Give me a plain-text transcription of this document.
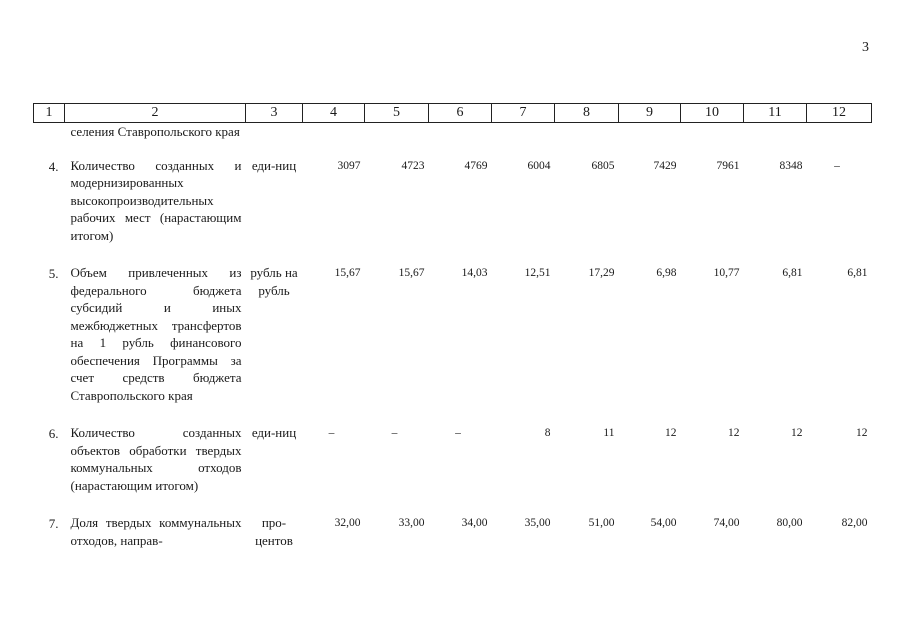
3
1	2	3	4	5	6	7	8	9	10	11	12
	селения Ставропольского края										
4.	Количество созданных и модернизированных высокопроизводительных рабочих мест (нарастающим итогом)	еди-ниц	3097	4723	4769	6004	6805	7429	7961	8348	–
5.	Объем привлеченных из федерального бюджета субсидий и иных межбюджетных трансфертов на 1 рубль финансового обеспечения Программы за счет средств бюджета Ставропольского края	рубль на рубль	15,67	15,67	14,03	12,51	17,29	6,98	10,77	6,81	6,81
6.	Количество созданных объектов обработки твердых коммунальных отходов (нарастающим итогом)	еди-ниц	–	–	–	8	11	12	12	12	12
7.	Доля твердых коммунальных отходов, направ-	про-центов	32,00	33,00	34,00	35,00	51,00	54,00	74,00	80,00	82,00
